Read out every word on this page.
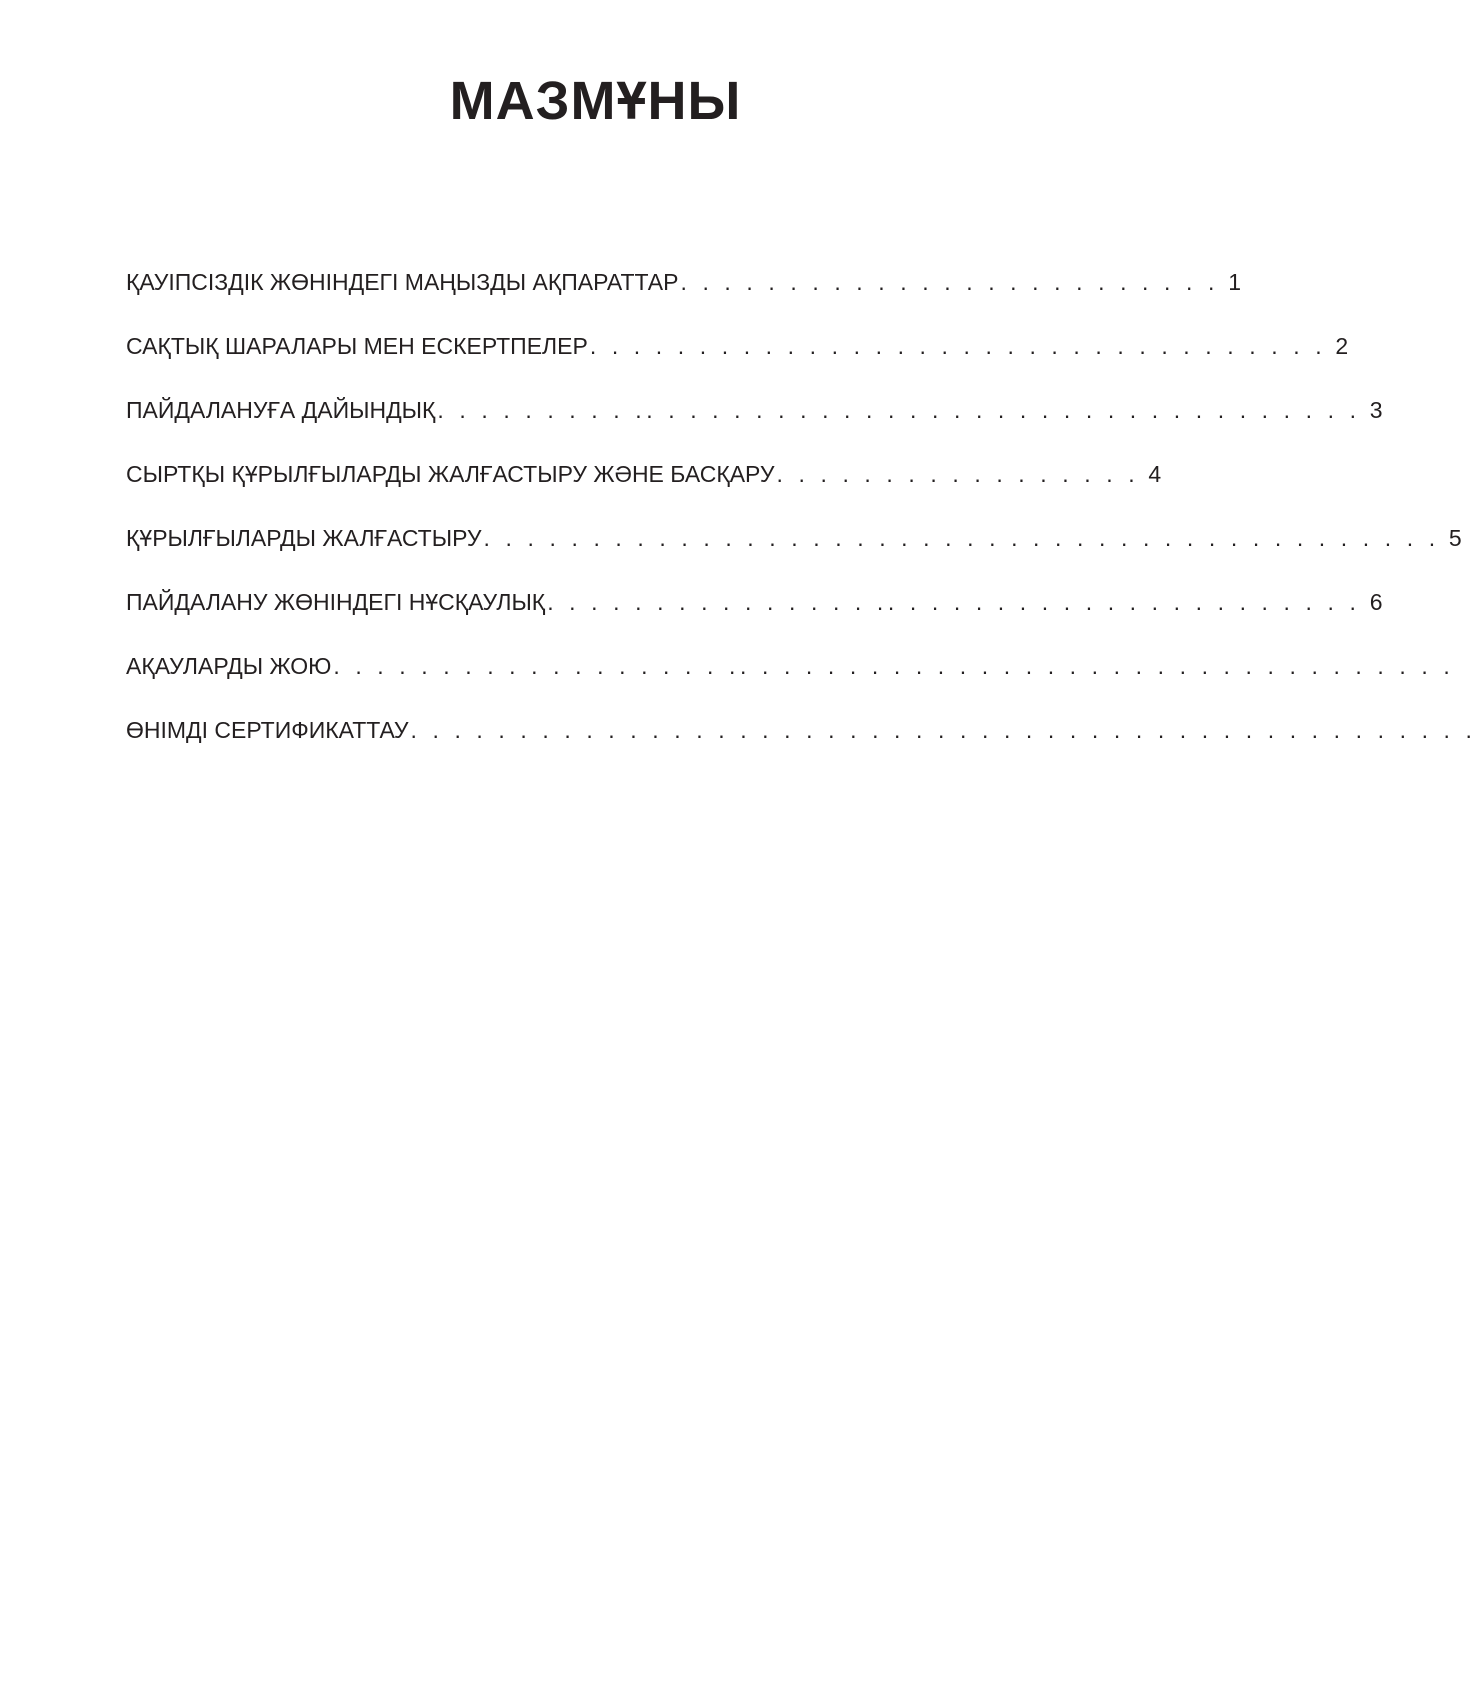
МАЗМҰНЫ
ҚАУІПСІЗДІК ЖӨНІНДЕГІ МАҢЫЗДЫ АҚПАРАТТАР . . . . . . . . . . . . . . . . . . . . . . . . . 1
САҚТЫҚ ШАРАЛАРЫ МЕН ЕСКЕРТПЕЛЕР . . . . . . . . . . . . . . . . . . . . . . . . . . . . . . . . . . 2
ПАЙДАЛАНУҒА ДАЙЫНДЫҚ . . . . . . . . . .. . . . . . . . . . . . . . . . . . . . . . . . . . . . . . . . . 3
СЫРТҚЫ ҚҰРЫЛҒЫЛАРДЫ ЖАЛҒАСТЫРУ ЖӘНЕ БАСҚАРУ . . . . . . . . . . . . . . . . . 4
ҚҰРЫЛҒЫЛАРДЫ ЖАЛҒАСТЫРУ . . . . . . . . . . . . . . . . . . . . . . . . . . . . . . . . . . . . . . . . . . . . 5
ПАЙДАЛАНУ ЖӨНІНДЕГІ НҰСҚАУЛЫҚ . . . . . . . . . . . . . . . .. . . . . . . . . . . . . . . . . . . . . . 6
АҚАУЛАРДЫ ЖОЮ . . . . . . . . . . . . . . . . . . .. . . . . . . . . . . . . . . . . . . . . . . . . . . . . . . . .
ӨНІМДІ СЕРТИФИКАТТАУ . . . . . . . . . . . . . . . . . . . . . . . . . . . . . . . . . . . . . . . . . . . . . . . . .
